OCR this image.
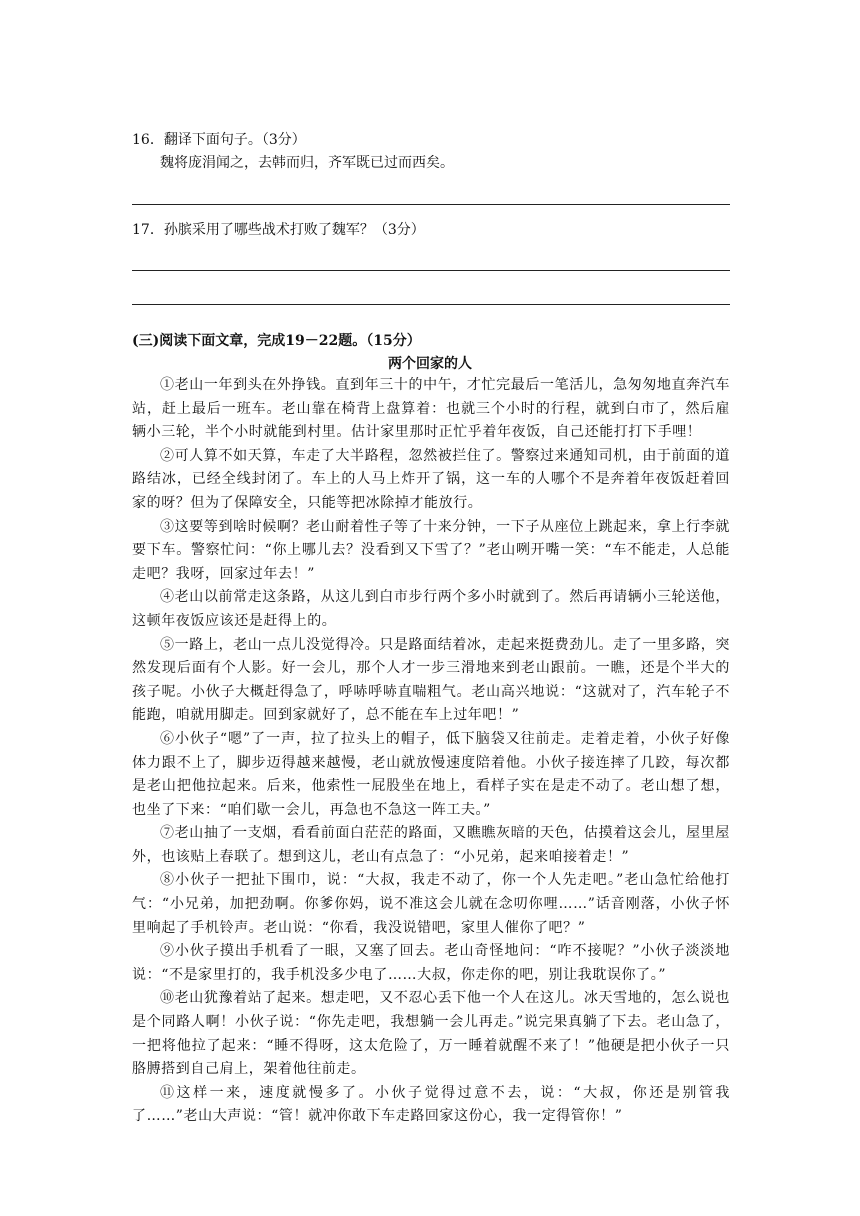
16．翻译下面句子。（3分）
魏将庞涓闻之，去韩而归，齐军既已过而西矣。
17．孙膑采用了哪些战术打败了魏军？（3分）
(三)阅读下面文章，完成19－22题。（15分）
两个回家的人

①老山一年到头在外挣钱。直到年三十的中午，才忙完最后一笔活儿，急匆匆地直奔汽车站，赶上最后一班车。老山靠在椅背上盘算着：也就三个小时的行程，就到白市了，然后雇辆小三轮，半个小时就能到村里。估计家里那时正忙乎着年夜饭，自己还能打打下手哩！

②可人算不如天算，车走了大半路程，忽然被拦住了。警察过来通知司机，由于前面的道路结冰，已经全线封闭了。车上的人马上炸开了锅，这一车的人哪个不是奔着年夜饭赶着回家的呀？但为了保障安全，只能等把冰除掉才能放行。

③这要等到啥时候啊？老山耐着性子等了十来分钟，一下子从座位上跳起来，拿上行李就要下车。警察忙问：“你上哪儿去？没看到又下雪了？”老山咧开嘴一笑：“车不能走，人总能走吧？我呀，回家过年去！”

④老山以前常走这条路，从这儿到白市步行两个多小时就到了。然后再请辆小三轮送他，这顿年夜饭应该还是赶得上的。

⑤一路上，老山一点儿没觉得冷。只是路面结着冰，走起来挺费劲儿。走了一里多路，突然发现后面有个人影。好一会儿，那个人才一步三滑地来到老山跟前。一瞧，还是个半大的孩子呢。小伙子大概赶得急了，呼哧呼哧直喘粗气。老山高兴地说：“这就对了，汽车轮子不能跑，咱就用脚走。回到家就好了，总不能在车上过年吧！”

⑥小伙子“嗯”了一声，拉了拉头上的帽子，低下脑袋又往前走。走着走着，小伙子好像体力跟不上了，脚步迈得越来越慢，老山就放慢速度陪着他。小伙子接连摔了几跤，每次都是老山把他拉起来。后来，他索性一屁股坐在地上，看样子实在是走不动了。老山想了想，也坐了下来：“咱们歇一会儿，再急也不急这一阵工夫。”

⑦老山抽了一支烟，看看前面白茫茫的路面，又瞧瞧灰暗的天色，估摸着这会儿，屋里屋外，也该贴上春联了。想到这儿，老山有点急了：“小兄弟，起来咱接着走！”

⑧小伙子一把扯下围巾，说：“大叔，我走不动了，你一个人先走吧。”老山急忙给他打气：“小兄弟，加把劲啊。你爹你妈，说不准这会儿就在念叨你哩……”话音刚落，小伙子怀里响起了手机铃声。老山说：“你看，我没说错吧，家里人催你了吧？”

⑨小伙子摸出手机看了一眼，又塞了回去。老山奇怪地问：“咋不接呢？”小伙子淡淡地说：“不是家里打的，我手机没多少电了……大叔，你走你的吧，别让我耽误你了。”

⑩老山犹豫着站了起来。想走吧，又不忍心丢下他一个人在这儿。冰天雪地的，怎么说也是个同路人啊！小伙子说：“你先走吧，我想躺一会儿再走。”说完果真躺了下去。老山急了，一把将他拉了起来：“睡不得呀，这太危险了，万一睡着就醒不来了！”他硬是把小伙子一只胳膊搭到自己肩上，架着他往前走。

⑪这样一来，速度就慢多了。小伙子觉得过意不去，说：“大叔，你还是别管我了……”老山大声说：“管！就冲你敢下车走路回家这份心，我一定得管你！”
